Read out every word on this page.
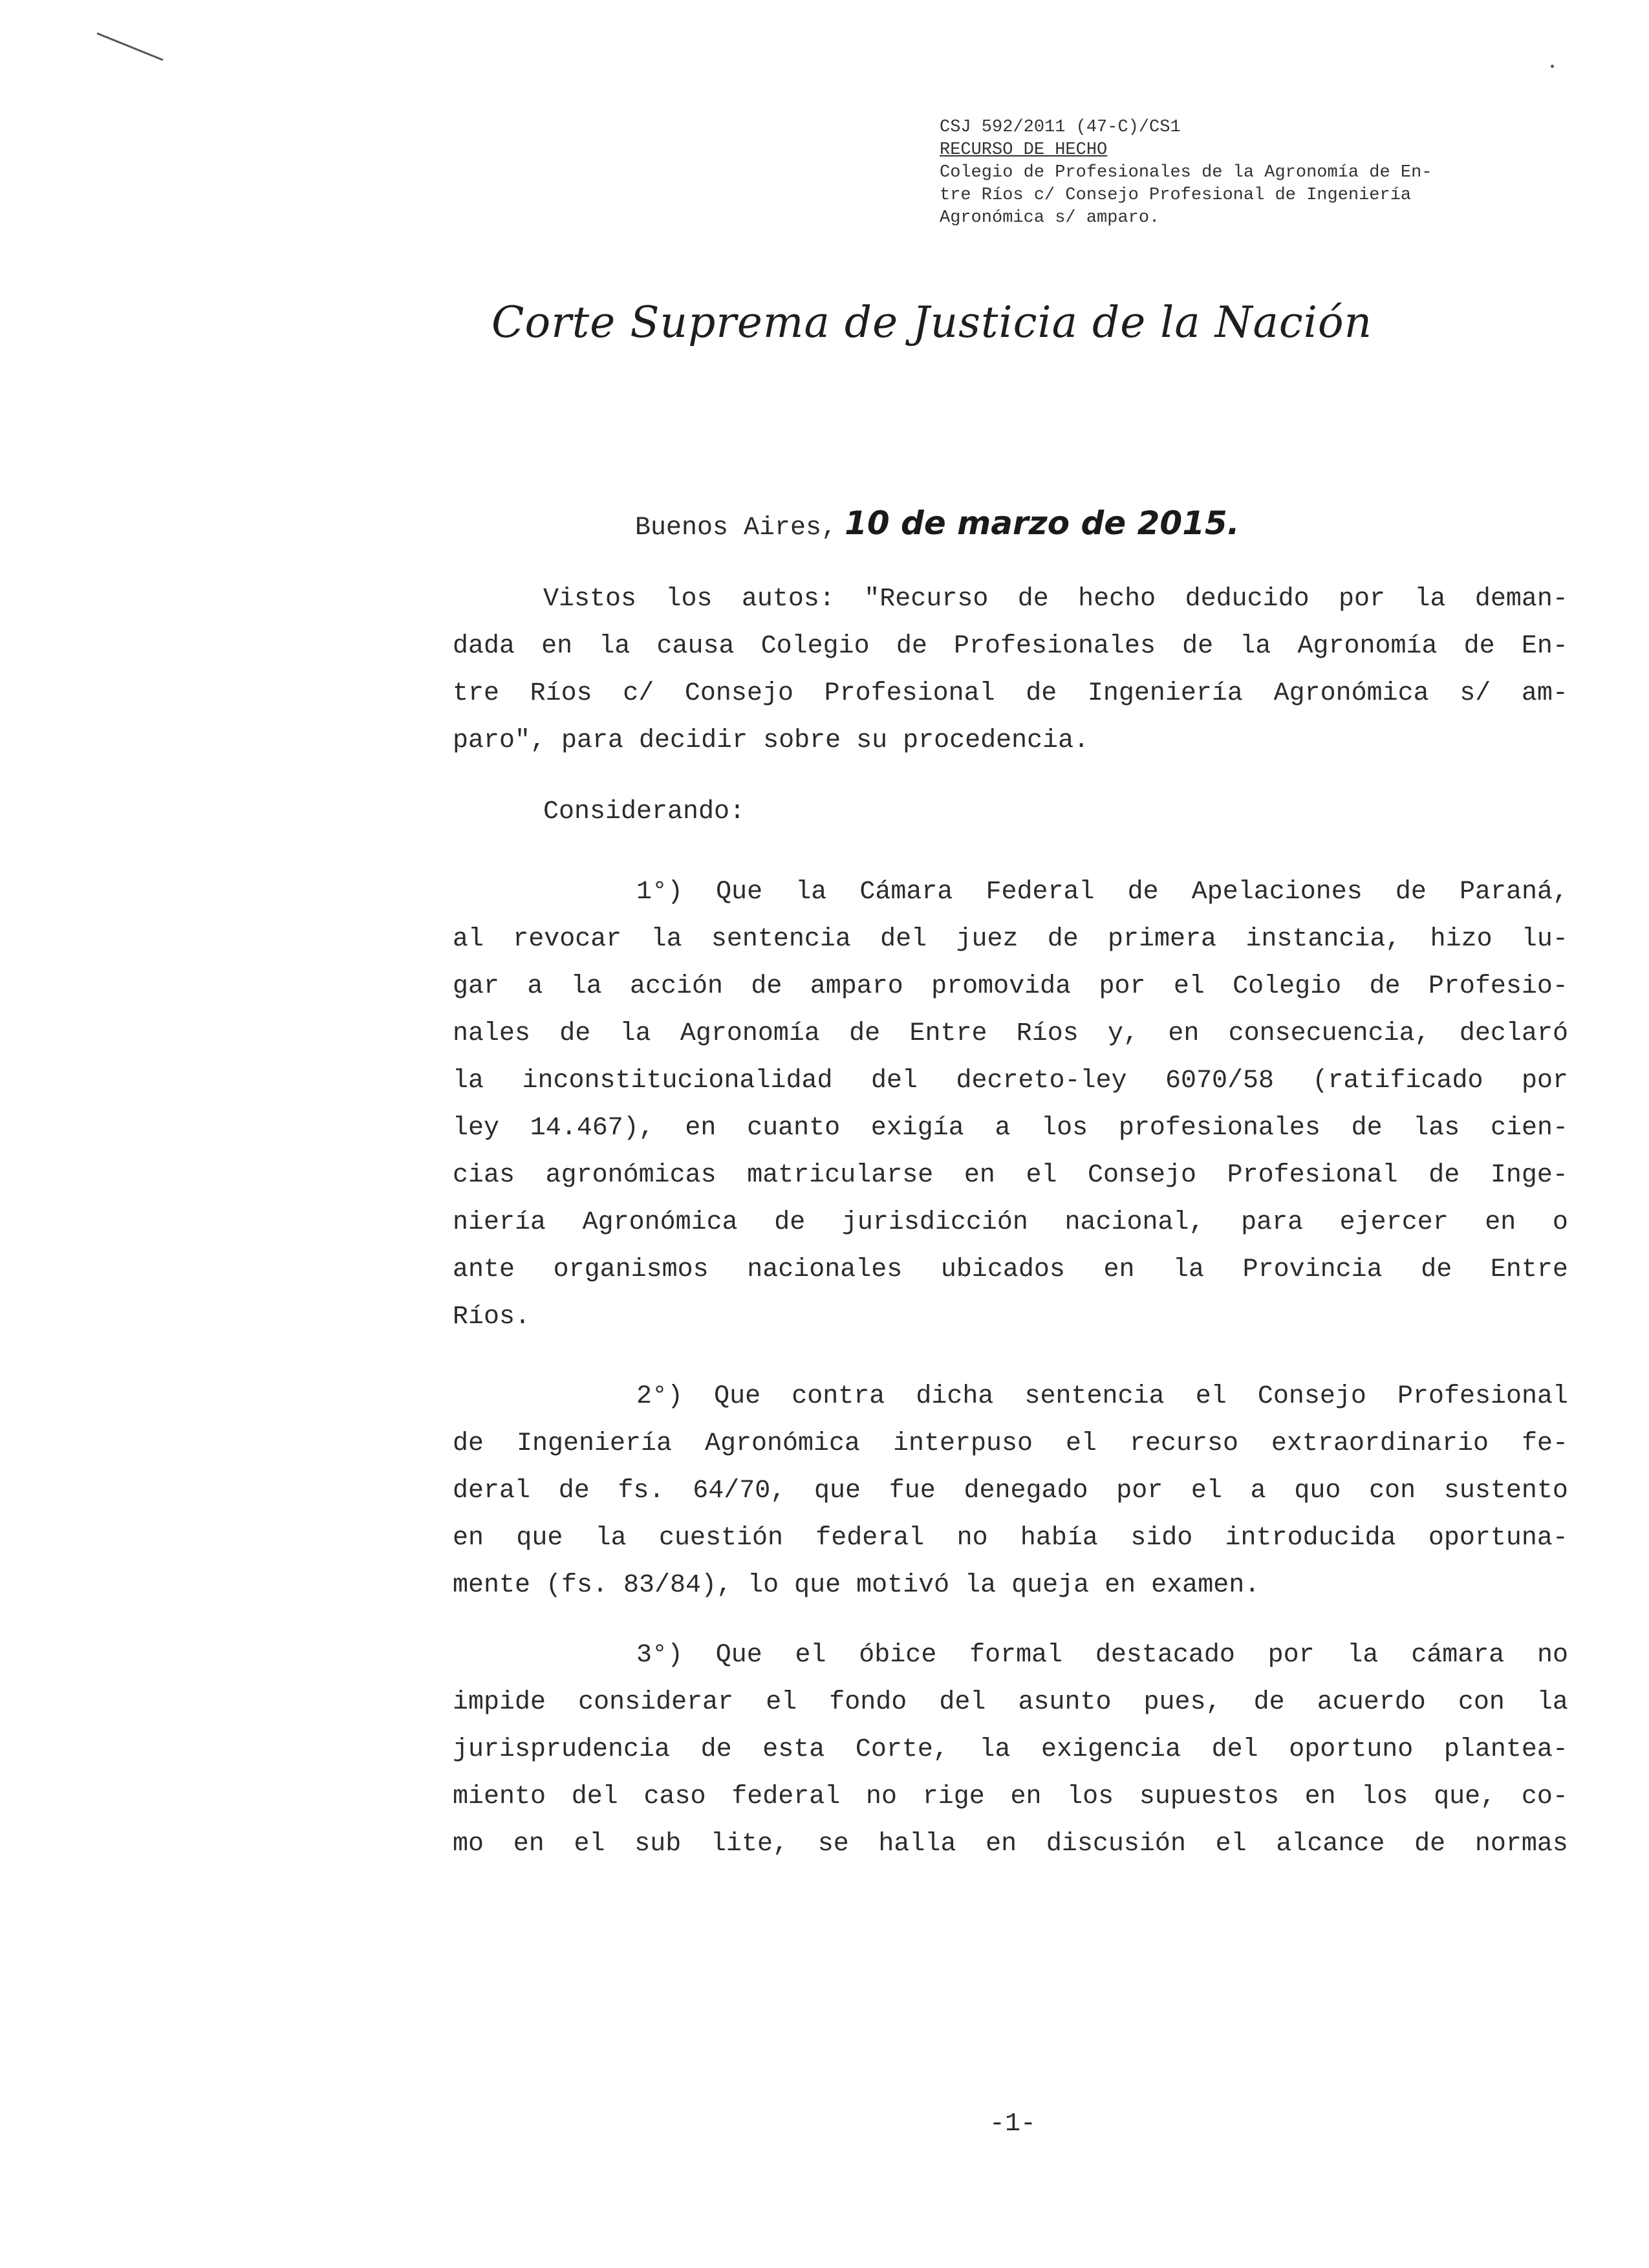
CSJ 592/2011 (47-C)/CS1
RECURSO DE HECHO
Colegio de Profesionales de la Agronomía de En-
tre Ríos c/ Consejo Profesional de Ingeniería
Agronómica s/ amparo.
Corte Suprema de Justicia de la Nación
Buenos Aires, 10 de marzo de 2015.
Vistos los autos: "Recurso de hecho deducido por la deman-
dada en la causa Colegio de Profesionales de la Agronomía de En-
tre Ríos c/ Consejo Profesional de Ingeniería Agronómica s/ am-
paro", para decidir sobre su procedencia.
Considerando:
1°) Que la Cámara Federal de Apelaciones de Paraná,
al revocar la sentencia del juez de primera instancia, hizo lu-
gar a la acción de amparo promovida por el Colegio de Profesio-
nales de la Agronomía de Entre Ríos y, en consecuencia, declaró
la inconstitucionalidad del decreto-ley 6070/58 (ratificado por
ley 14.467), en cuanto exigía a los profesionales de las cien-
cias agronómicas matricularse en el Consejo Profesional de Inge-
niería Agronómica de jurisdicción nacional, para ejercer en o
ante organismos nacionales ubicados en la Provincia de Entre
Ríos.
2°) Que contra dicha sentencia el Consejo Profesional
de Ingeniería Agronómica interpuso el recurso extraordinario fe-
deral de fs. 64/70, que fue denegado por el a quo con sustento
en que la cuestión federal no había sido introducida oportuna-
mente (fs. 83/84), lo que motivó la queja en examen.
3°) Que el óbice formal destacado por la cámara no
impide considerar el fondo del asunto pues, de acuerdo con la
jurisprudencia de esta Corte, la exigencia del oportuno plantea-
miento del caso federal no rige en los supuestos en los que, co-
mo en el sub lite, se halla en discusión el alcance de normas
-1-
